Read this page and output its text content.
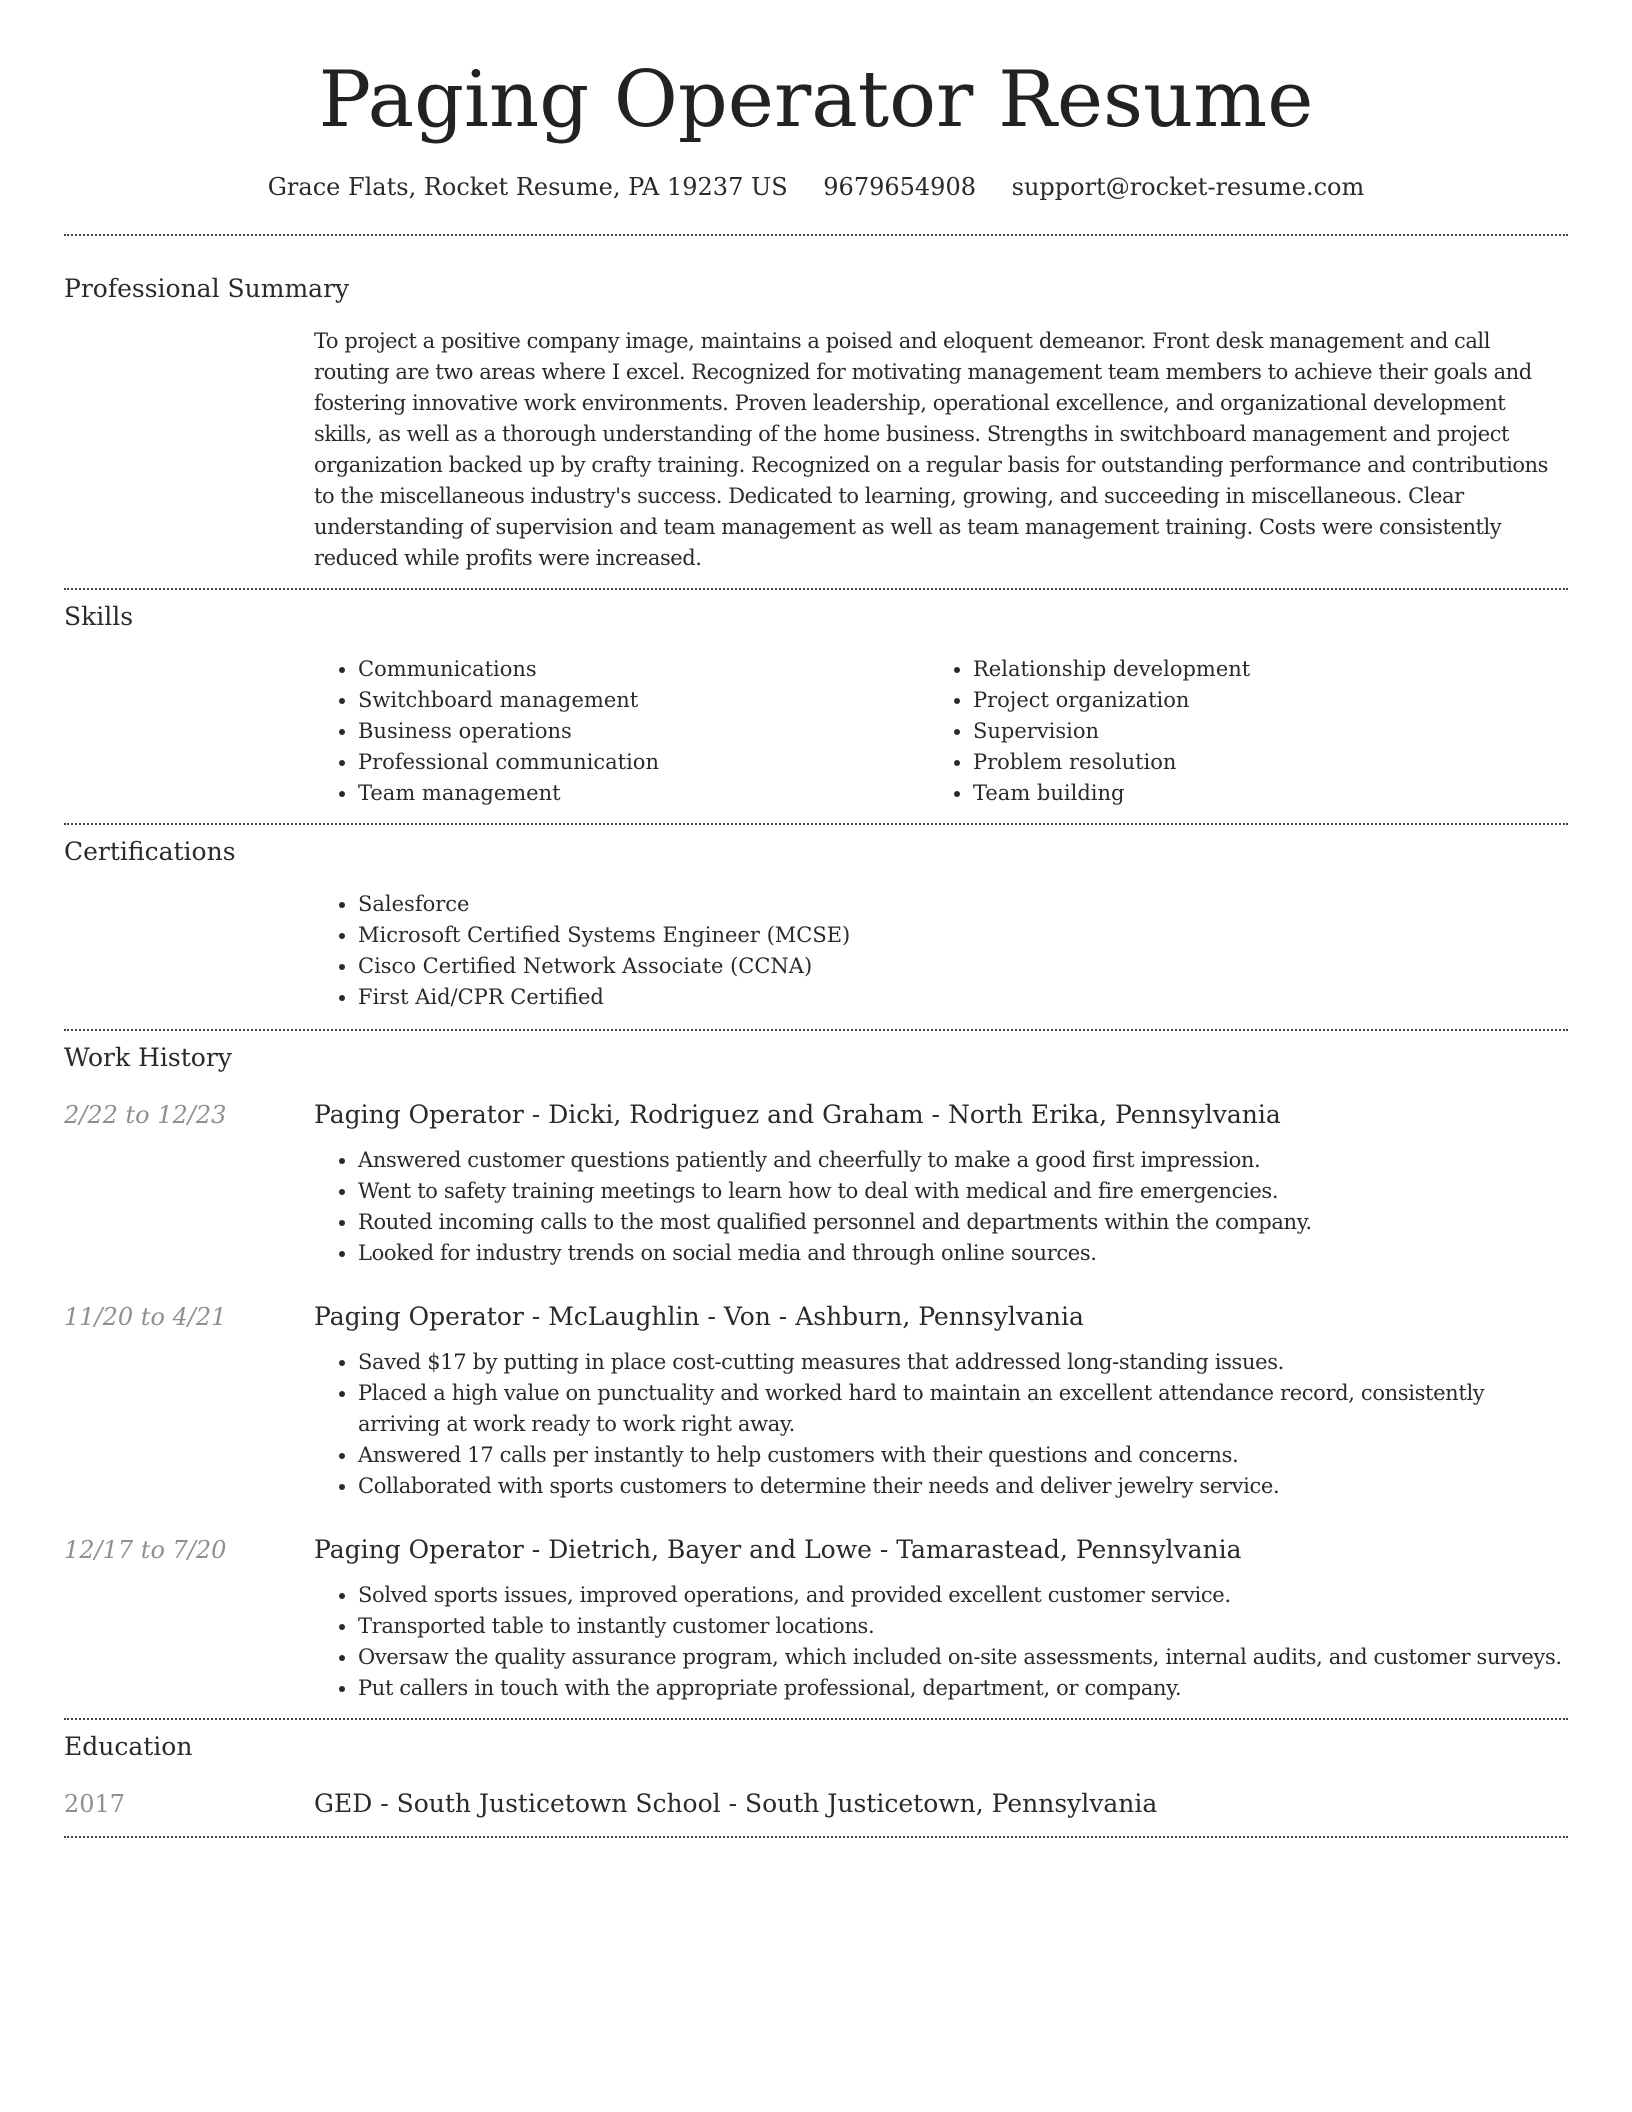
Paging Operator Resume
Grace Flats, Rocket Resume, PA 19237 US 9679654908 support@rocket-resume.com
Professional Summary

To project a positive company image, maintains a poised and eloquent demeanor. Front desk management and call routing are two areas where I excel. Recognized for motivating management team members to achieve their goals and fostering innovative work environments. Proven leadership, operational excellence, and organizational development skills, as well as a thorough understanding of the home business. Strengths in switchboard management and project organization backed up by crafty training. Recognized on a regular basis for outstanding performance and contributions to the miscellaneous industry's success. Dedicated to learning, growing, and succeeding in miscellaneous. Clear understanding of supervision and team management as well as team management training. Costs were consistently reduced while profits were increased.

Skills
• Communications
• Switchboard management
• Business operations
• Professional communication
• Team management
• Relationship development
• Project organization
• Supervision
• Problem resolution
• Team building
Certifications
• Salesforce
• Microsoft Certified Systems Engineer (MCSE)
• Cisco Certified Network Associate (CCNA)
• First Aid/CPR Certified
Work History
2/22 to 12/23	Paging Operator - Dicki, Rodriguez and Graham - North Erika, Pennsylvania
• Answered customer questions patiently and cheerfully to make a good first impression.
• Went to safety training meetings to learn how to deal with medical and fire emergencies.
• Routed incoming calls to the most qualified personnel and departments within the company.
• Looked for industry trends on social media and through online sources.
11/20 to 4/21	Paging Operator - McLaughlin - Von - Ashburn, Pennsylvania
• Saved $17 by putting in place cost-cutting measures that addressed long-standing issues.
• Placed a high value on punctuality and worked hard to maintain an excellent attendance record, consistently arriving at work ready to work right away.
• Answered 17 calls per instantly to help customers with their questions and concerns.
• Collaborated with sports customers to determine their needs and deliver jewelry service.
12/17 to 7/20	Paging Operator - Dietrich, Bayer and Lowe - Tamarastead, Pennsylvania
• Solved sports issues, improved operations, and provided excellent customer service.
• Transported table to instantly customer locations.
• Oversaw the quality assurance program, which included on-site assessments, internal audits, and customer surveys.
• Put callers in touch with the appropriate professional, department, or company.
Education
2017	GED - South Justicetown School - South Justicetown, Pennsylvania
